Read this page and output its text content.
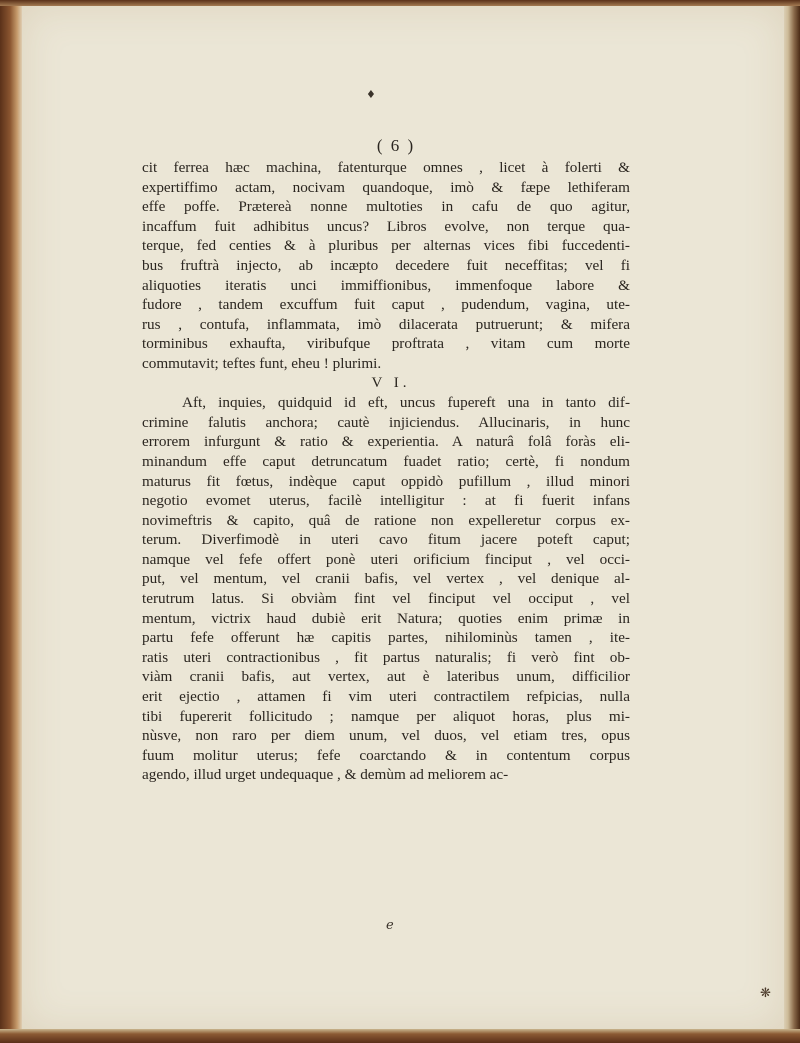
♦
( 6 )
cit ferrea hæc machina, fatenturque omnes , licet à folerti &
expertiffimo actam, nocivam quandoque, imò & fæpe lethiferam
effe poffe. Prætereà nonne multoties in cafu de quo agitur,
incaffum fuit adhibitus uncus? Libros evolve, non terque qua-
terque, fed centies & à pluribus per alternas vices fibi fuccedenti-
bus fruftrà injecto, ab incæpto decedere fuit neceffitas; vel fi
aliquoties iteratis unci immiffionibus, immenfoque labore &
fudore , tandem excuffum fuit caput , pudendum, vagina, ute-
rus , contufa, inflammata, imò dilacerata putruerunt; & mifera
torminibus exhaufta, viribufque proftrata , vitam cum morte
commutavit; teftes funt, eheu ! plurimi.
V I.
Aft, inquies, quidquid id eft, uncus fupereft una in tanto dif-
crimine falutis anchora; cautè injiciendus. Allucinaris, in hunc
errorem infurgunt & ratio & experientia. A naturâ folâ foràs eli-
minandum effe caput detruncatum fuadet ratio; certè, fi nondum
maturus fit fœtus, indèque caput oppidò pufillum , illud minori
negotio evomet uterus, facilè intelligitur : at fi fuerit infans
novimeftris & capito, quâ de ratione non expelleretur corpus ex-
terum. Diverfimodè in uteri cavo fitum jacere poteft caput;
namque vel fefe offert ponè uteri orificium finciput , vel occi-
put, vel mentum, vel cranii bafis, vel vertex , vel denique al-
terutrum latus. Si obviàm fint vel finciput vel occiput , vel
mentum, victrix haud dubiè erit Natura; quoties enim primæ in
partu fefe offerunt hæ capitis partes, nihilominùs tamen , ite-
ratis uteri contractionibus , fit partus naturalis; fi verò fint ob-
viàm cranii bafis, aut vertex, aut è lateribus unum, difficilior
erit ejectio , attamen fi vim uteri contractilem refpicias, nulla
tibi fupererit follicitudo ; namque per aliquot horas, plus mi-
nùsve, non raro per diem unum, vel duos, vel etiam tres, opus
fuum molitur uterus; fefe coarctando & in contentum corpus
agendo, illud urget undequaque , & demùm ad meliorem ac-
e
❋
